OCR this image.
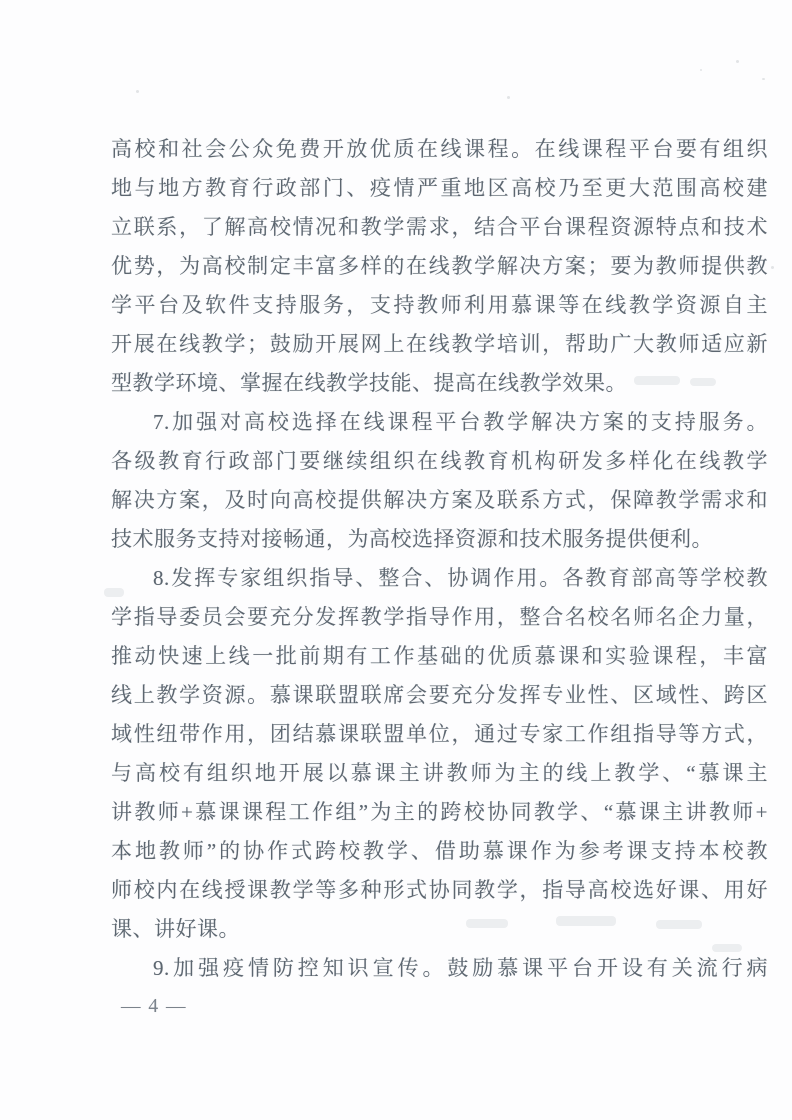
高校和社会公众免费开放优质在线课程。在线课程平台要有组织
地与地方教育行政部门、疫情严重地区高校乃至更大范围高校建
立联系，了解高校情况和教学需求，结合平台课程资源特点和技术
优势，为高校制定丰富多样的在线教学解决方案；要为教师提供教
学平台及软件支持服务，支持教师利用慕课等在线教学资源自主
开展在线教学；鼓励开展网上在线教学培训，帮助广大教师适应新
型教学环境、掌握在线教学技能、提高在线教学效果。
7.加强对高校选择在线课程平台教学解决方案的支持服务。
各级教育行政部门要继续组织在线教育机构研发多样化在线教学
解决方案，及时向高校提供解决方案及联系方式，保障教学需求和
技术服务支持对接畅通，为高校选择资源和技术服务提供便利。
8.发挥专家组织指导、整合、协调作用。各教育部高等学校教
学指导委员会要充分发挥教学指导作用，整合名校名师名企力量，
推动快速上线一批前期有工作基础的优质慕课和实验课程，丰富
线上教学资源。慕课联盟联席会要充分发挥专业性、区域性、跨区
域性纽带作用，团结慕课联盟单位，通过专家工作组指导等方式，
与高校有组织地开展以慕课主讲教师为主的线上教学、“慕课主
讲教师+慕课课程工作组”为主的跨校协同教学、“慕课主讲教师+
本地教师”的协作式跨校教学、借助慕课作为参考课支持本校教
师校内在线授课教学等多种形式协同教学，指导高校选好课、用好
课、讲好课。
9.加强疫情防控知识宣传。鼓励慕课平台开设有关流行病
— 4 —
